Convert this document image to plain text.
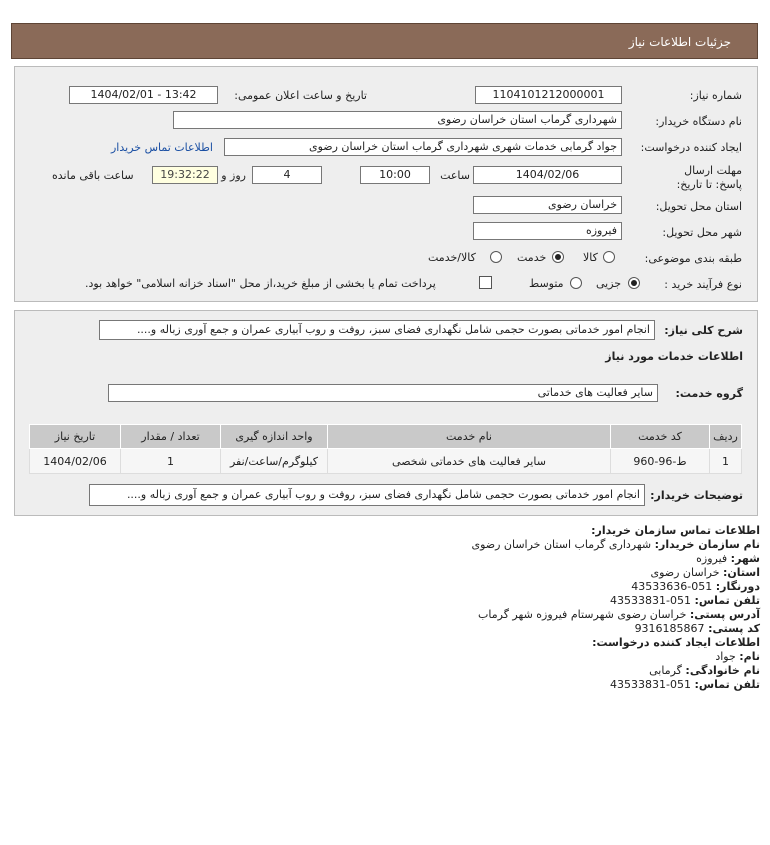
جزئیات اطلاعات نیاز
شماره نیاز:
1104101212000001
تاریخ و ساعت اعلان عمومی:
1404/02/01 - 13:42
نام دستگاه خریدار:
شهرداری گرماب استان خراسان رضوی
ایجاد کننده درخواست:
جواد گرمابی خدمات شهری شهرداری گرماب استان خراسان رضوی
اطلاعات تماس خریدار
مهلت ارسال پاسخ: تا تاریخ:
1404/02/06
ساعت
10:00
4
روز و
19:32:22
ساعت باقی مانده
استان محل تحویل:
خراسان رضوی
شهر محل تحویل:
فیروزه
طبقه بندی موضوعی:
کالا
خدمت
کالا/خدمت
نوع فرآیند خرید :
جزیی
متوسط
پرداخت تمام یا بخشی از مبلغ خرید،از محل "اسناد خزانه اسلامی" خواهد بود.
شرح کلی نیاز:
انجام امور خدماتی بصورت حجمی شامل نگهداری فضای سبز، روفت و روب آبیاری عمران و جمع آوری زباله و....
اطلاعات خدمات مورد نیاز
گروه خدمت:
سایر فعالیت های خدماتی
ردیف	کد خدمت	نام خدمت	واحد اندازه گیری	تعداد / مقدار	تاریخ نیاز
1	ط-96-960	سایر فعالیت های خدماتی شخصی	کیلوگرم/ساعت/نفر	1	1404/02/06
توضیحات خریدار:
انجام امور خدماتی بصورت حجمی شامل نگهداری فضای سبز، روفت و روب آبیاری عمران و جمع آوری زباله و....
اطلاعات تماس سازمان خریدار:
نام سازمان خریدار: شهرداری گرماب استان خراسان رضوی
شهر: فیروزه
استان: خراسان رضوی
دورنگار: 051-43533636
تلفن تماس: 051-43533831
آدرس پستی: خراسان رضوی شهرستام فیروزه شهر گرماب
کد پستی: 9316185867
اطلاعات ایجاد کننده درخواست:
نام: جواد
نام خانوادگی: گرمابی
تلفن تماس: 051-43533831
